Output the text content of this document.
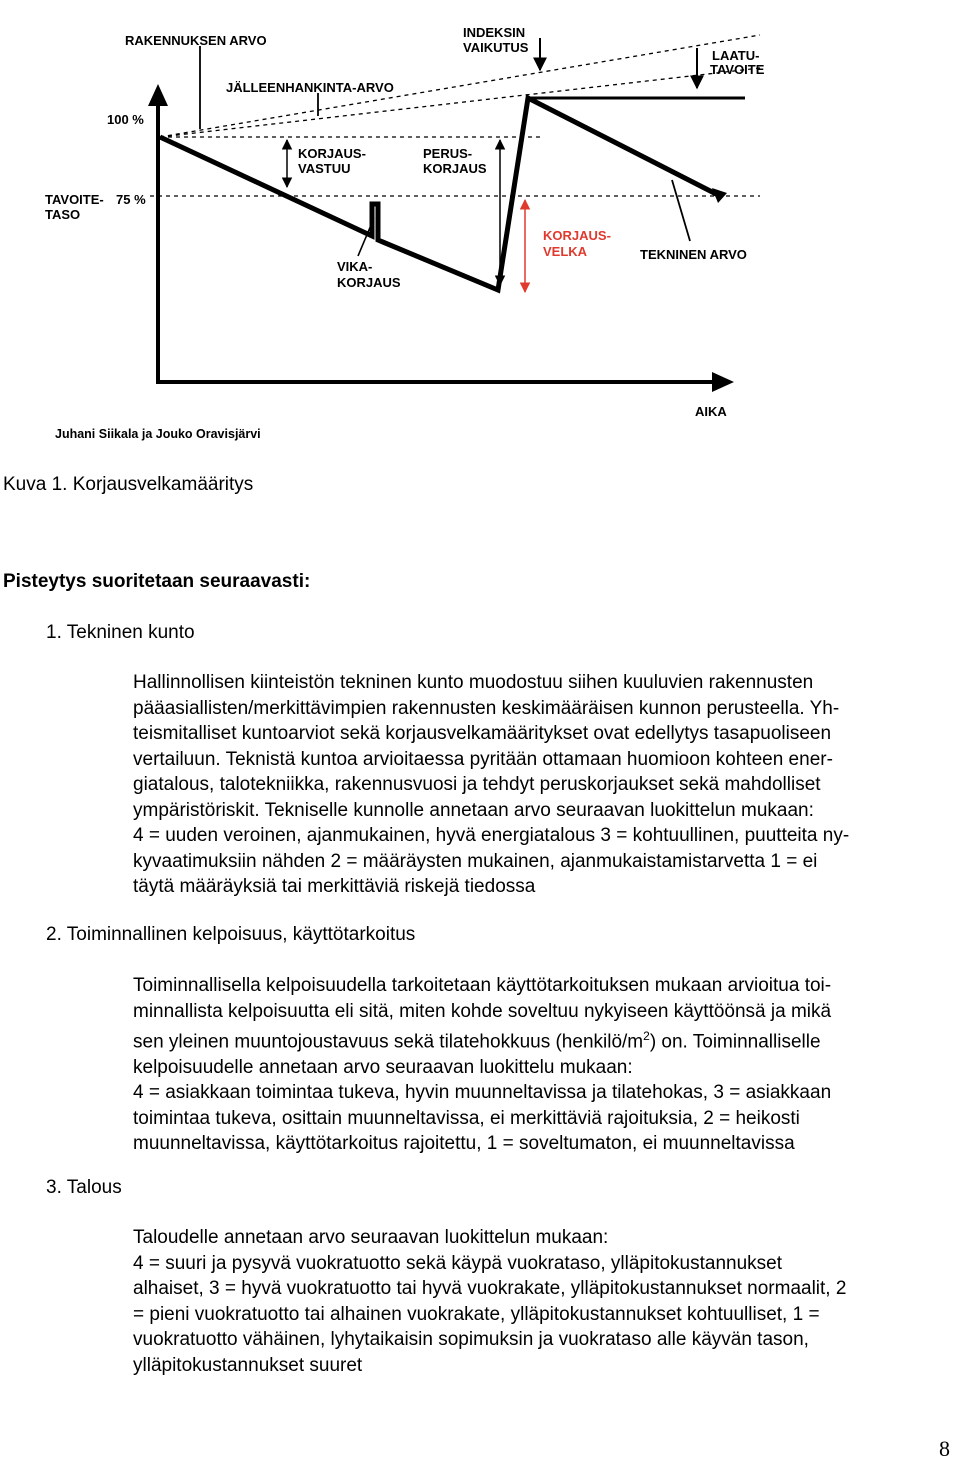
RAKENNUKSEN ARVO
INDEKSIN
VAIKUTUS
LAATU-
TAVOITE
JÄLLEENHANKINTA-ARVO
100 %
KORJAUS-
VASTUU
PERUS-
KORJAUS
TAVOITE- 75 %
TASO
KORJAUS-
VELKA	TEKNINEN ARVO
VIKA-
KORJAUS
AIKA
Juhani Siikala ja Jouko Oravisjärvi
Kuva 1. Korjausvelkamääritys
Pisteytys suoritetaan seuraavasti:
1. Tekninen kunto
Hallinnollisen kiinteistön tekninen kunto muodostuu siihen kuuluvien rakennusten
pääasiallisten/merkittävimpien rakennusten keskimääräisen kunnon perusteella. Yh-
teismitalliset kuntoarviot sekä korjausvelkamääritykset ovat edellytys tasapuoliseen
vertailuun. Teknistä kuntoa arvioitaessa pyritään ottamaan huomioon kohteen ener-
giatalous, talotekniikka, rakennusvuosi ja tehdyt peruskorjaukset sekä mahdolliset
ympäristöriskit. Tekniselle kunnolle annetaan arvo seuraavan luokittelun mukaan:
4 = uuden veroinen, ajanmukainen, hyvä energiatalous 3 = kohtuullinen, puutteita ny-
kyvaatimuksiin nähden 2 = määräysten mukainen, ajanmukaistamistarvetta 1 = ei
täytä määräyksiä tai merkittäviä riskejä tiedossa
2. Toiminnallinen kelpoisuus, käyttötarkoitus
Toiminnallisella kelpoisuudella tarkoitetaan käyttötarkoituksen mukaan arvioitua toi-
minnallista kelpoisuutta eli sitä, miten kohde soveltuu nykyiseen käyttöönsä ja mikä
sen yleinen muuntojoustavuus sekä tilatehokkuus $(henkilö/m^2)$ on. Toiminnalliselle
kelpoisuudelle annetaan arvo seuraavan luokittelu mukaan:
4 = asiakkaan toimintaa tukeva, hyvin muunneltavissa ja tilatehokas, 3 = asiakkaan
toimintaa tukeva, osittain muunneltavissa, ei merkittäviä rajoituksia, 2 = heikosti
muunneltavissa, käyttötarkoitus rajoitettu, 1 = soveltumaton, ei muunneltavissa
3. Talous
Taloudelle annetaan arvo seuraavan luokittelun mukaan:
4 = suuri ja pysyvä vuokratuotto sekä käypä vuokrataso, ylläpitokustannukset
alhaiset, 3 = hyvä vuokratuotto tai hyvä vuokrakate, ylläpitokustannukset normaalit, 2
= pieni vuokratuotto tai alhainen vuokrakate, ylläpitokustannukset kohtuulliset, 1 =
vuokratuotto vähäinen, lyhytaikaisin sopimuksin ja vuokrataso alle käyvän tason,
ylläpitokustannukset suuret
8
